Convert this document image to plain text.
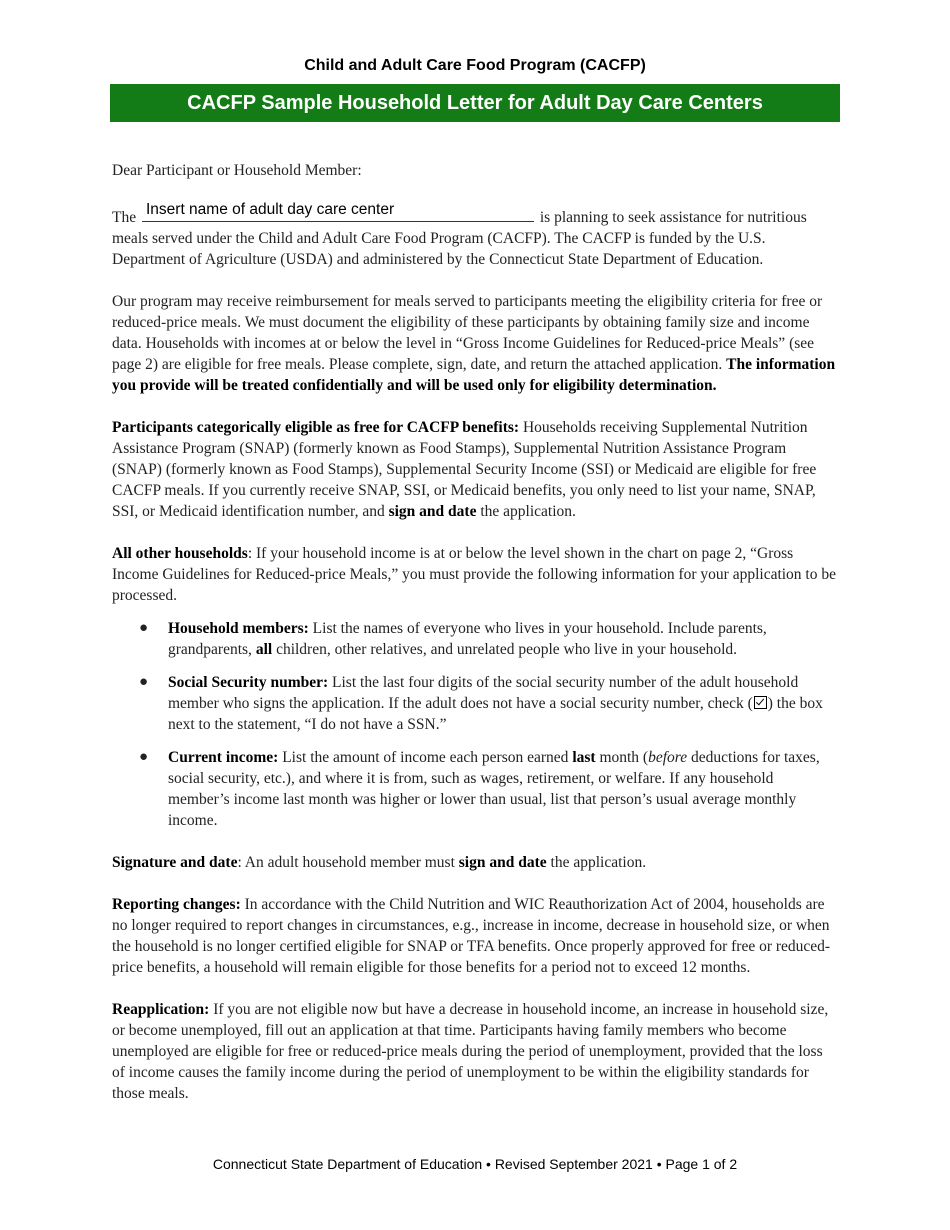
Child and Adult Care Food Program (CACFP)
CACFP Sample Household Letter for Adult Day Care Centers

Dear Participant or Household Member:

The Insert name of adult day care center	is planning to seek assistance for nutritious meals served under the Child and Adult Care Food Program (CACFP). The CACFP is funded by the U.S. Department of Agriculture (USDA) and administered by the Connecticut State Department of Education.

Our program may receive reimbursement for meals served to participants meeting the eligibility criteria for free or reduced-price meals. We must document the eligibility of these participants by obtaining family size and income data. Households with incomes at or below the level in “Gross Income Guidelines for Reduced-price Meals” (see page 2) are eligible for free meals. Please complete, sign, date, and return the attached application. The information you provide will be treated confidentially and will be used only for eligibility determination.

Participants categorically eligible as free for CACFP benefits: Households receiving Supplemental Nutrition Assistance Program (SNAP) (formerly known as Food Stamps), Supplemental Nutrition Assistance Program (SNAP) (formerly known as Food Stamps), Supplemental Security Income (SSI) or Medicaid are eligible for free CACFP meals. If you currently receive SNAP, SSI, or Medicaid benefits, you only need to list your name, SNAP, SSI, or Medicaid identification number, and sign and date the application.

All other households: If your household income is at or below the level shown in the chart on page 2, “Gross Income Guidelines for Reduced-price Meals,” you must provide the following information for your application to be processed.

● Household members: List the names of everyone who lives in your household. Include parents, grandparents, all children, other relatives, and unrelated people who live in your household.
● Social Security number: List the last four digits of the social security number of the adult household member who signs the application. If the adult does not have a social security number, check ( ) the box next to the statement, “I do not have a SSN.”
● Current income: List the amount of income each person earned last month (before deductions for taxes, social security, etc.), and where it is from, such as wages, retirement, or welfare. If any household member’s income last month was higher or lower than usual, list that person’s usual average monthly income.

Signature and date: An adult household member must sign and date the application.

Reporting changes: In accordance with the Child Nutrition and WIC Reauthorization Act of 2004, households are no longer required to report changes in circumstances, e.g., increase in income, decrease in household size, or when the household is no longer certified eligible for SNAP or TFA benefits. Once properly approved for free or reduced-price benefits, a household will remain eligible for those benefits for a period not to exceed 12 months.

Reapplication: If you are not eligible now but have a decrease in household income, an increase in household size, or become unemployed, fill out an application at that time. Participants having family members who become unemployed are eligible for free or reduced-price meals during the period of unemployment, provided that the loss of income causes the family income during the period of unemployment to be within the eligibility standards for those meals.

Connecticut State Department of Education • Revised September 2021 • Page 1 of 2
